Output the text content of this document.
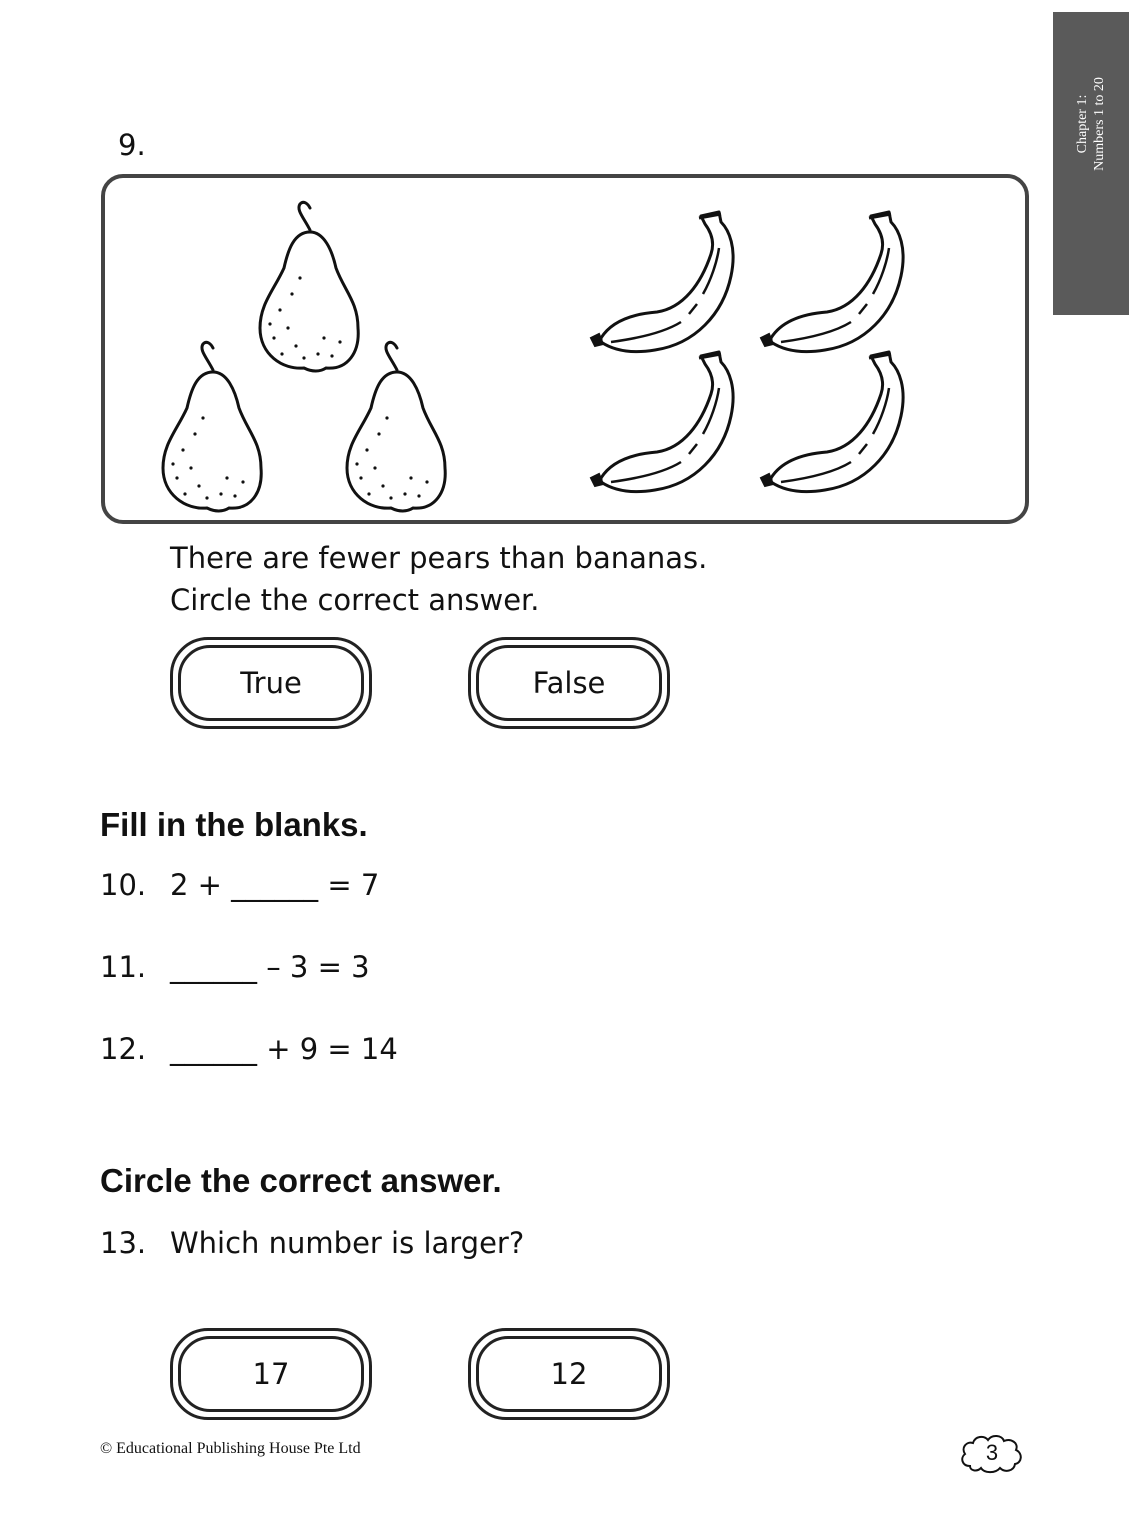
Chapter 1: Numbers 1 to 20
9.
There are fewer pears than bananas.
Circle the correct answer.
True	False
Fill in the blanks.
10. 2 + ______ = 7
11. ______ – 3 = 3
12. ______ + 9 = 14
Circle the correct answer.
13. Which number is larger?
17	12
© Educational Publishing House Pte Ltd	3
